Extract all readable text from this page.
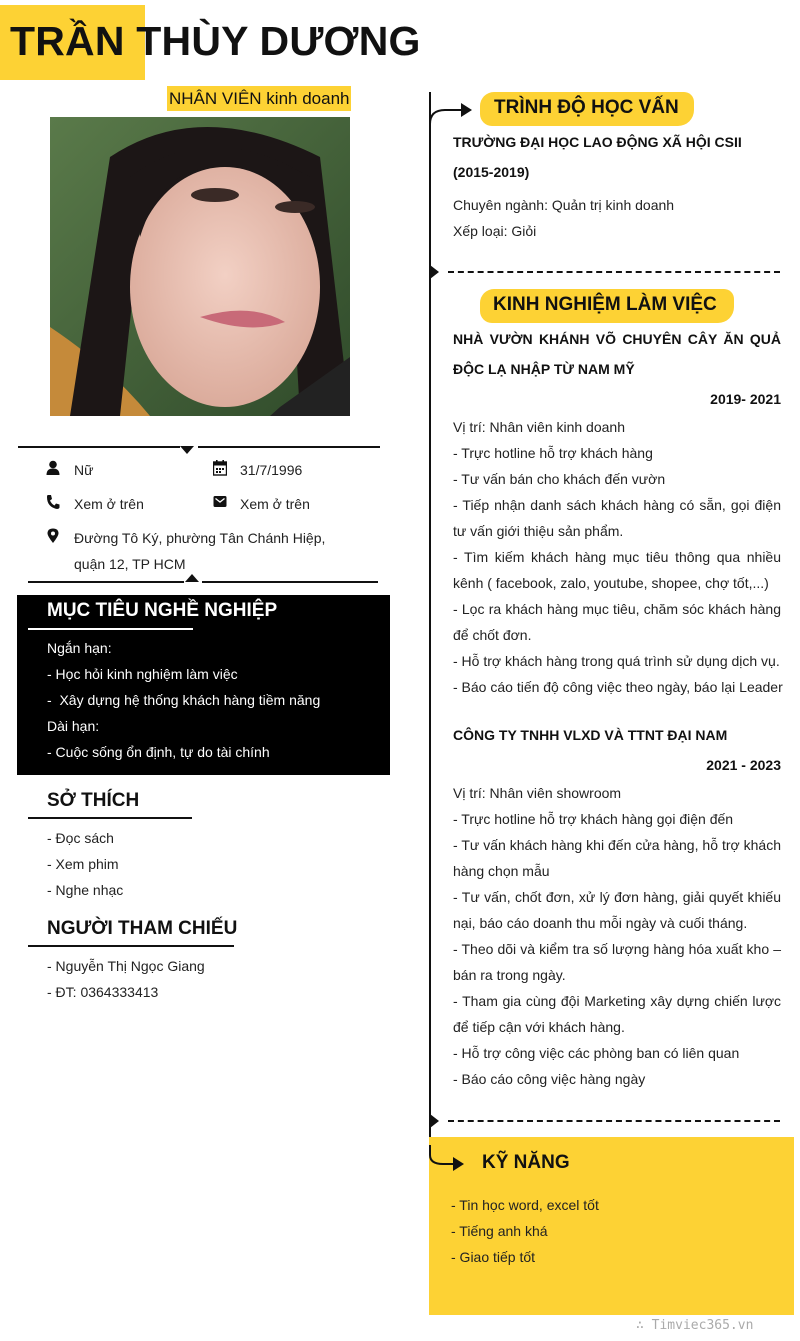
TRẦN THÙY DƯƠNG
NHÂN VIÊN kinh doanh
Nữ	31/7/1996
Xem ở trên	Xem ở trên
Đường Tô Ký, phường Tân Chánh Hiệp,
quận 12, TP HCM
MỤC TIÊU NGHỀ NGHIỆP
Ngắn hạn:
- Học hỏi kinh nghiệm làm việc
-  Xây dựng hệ thống khách hàng tiềm năng
Dài hạn:
- Cuộc sống ổn định, tự do tài chính
SỞ THÍCH
- Đọc sách
- Xem phim
- Nghe nhạc
NGƯỜI THAM CHIẾU
- Nguyễn Thị Ngọc Giang
- ĐT: 0364333413
TRÌNH ĐỘ HỌC VẤN
TRƯỜNG ĐẠI HỌC LAO ĐỘNG XÃ HỘI CSII
(2015-2019)
Chuyên ngành: Quản trị kinh doanh
Xếp loại: Giỏi
KINH NGHIỆM LÀM VIỆC
NHÀ VƯỜN KHÁNH VÕ CHUYÊN CÂY ĂN QUẢ
ĐỘC LẠ NHẬP TỪ NAM MỸ
2019- 2021
Vị trí: Nhân viên kinh doanh
- Trực hotline hỗ trợ khách hàng
- Tư vấn bán cho khách đến vườn
- Tiếp nhận danh sách khách hàng có sẵn, gọi điện tư vấn giới thiệu sản phẩm.
- Tìm kiếm khách hàng mục tiêu thông qua nhiều kênh ( facebook, zalo, youtube, shopee, chợ tốt,...)
- Lọc ra khách hàng mục tiêu, chăm sóc khách hàng để chốt đơn.
- Hỗ trợ khách hàng trong quá trình sử dụng dịch vụ.
- Báo cáo tiến độ công việc theo ngày, báo lại Leader
CÔNG TY TNHH VLXD VÀ TTNT ĐẠI NAM
2021 - 2023
Vị trí: Nhân viên showroom
- Trực hotline hỗ trợ khách hàng gọi điện đến
- Tư vấn khách hàng khi đến cửa hàng, hỗ trợ khách hàng chọn mẫu
- Tư vấn, chốt đơn, xử lý đơn hàng, giải quyết khiếu nại, báo cáo doanh thu mỗi ngày và cuối tháng.
- Theo dõi và kiểm tra số lượng hàng hóa xuất kho – bán ra trong ngày.
- Tham gia cùng đội Marketing xây dựng chiến lược để tiếp cận với khách hàng.
- Hỗ trợ công việc các phòng ban có liên quan
- Báo cáo công việc hàng ngày
KỸ NĂNG
- Tin học word, excel tốt
- Tiếng anh khá
- Giao tiếp tốt
∴ Timviec365.vn
